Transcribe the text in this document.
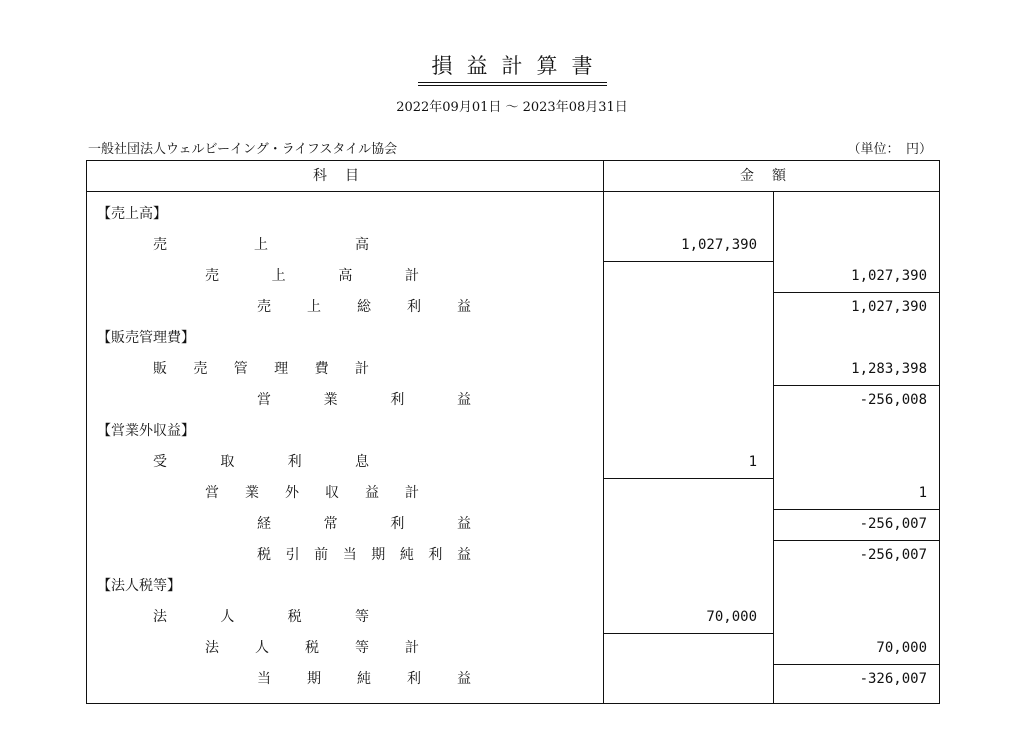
損益計算書
2022年09月01日 ～ 2023年08月31日
一般社団法人ウェルビーイング・ライフスタイル協会	（単位：　円）
科目	金額
【売上高】
売	上	高	1,027,390
売	上	高	計	1,027,390
売	上	総	利	益	1,027,390
【販売管理費】
販 売 管 理 費 計	1,283,398
営	業	利	益	-256,008
【営業外収益】
受	取	利	息	1
営 業 外 収 益 計	1
経	常	利	益	-256,007
税 引 前 当 期 純 利 益	-256,007
【法人税等】
法	人	税	等	70,000
法	人	税	等	計	70,000
当	期	純	利	益	-326,007
